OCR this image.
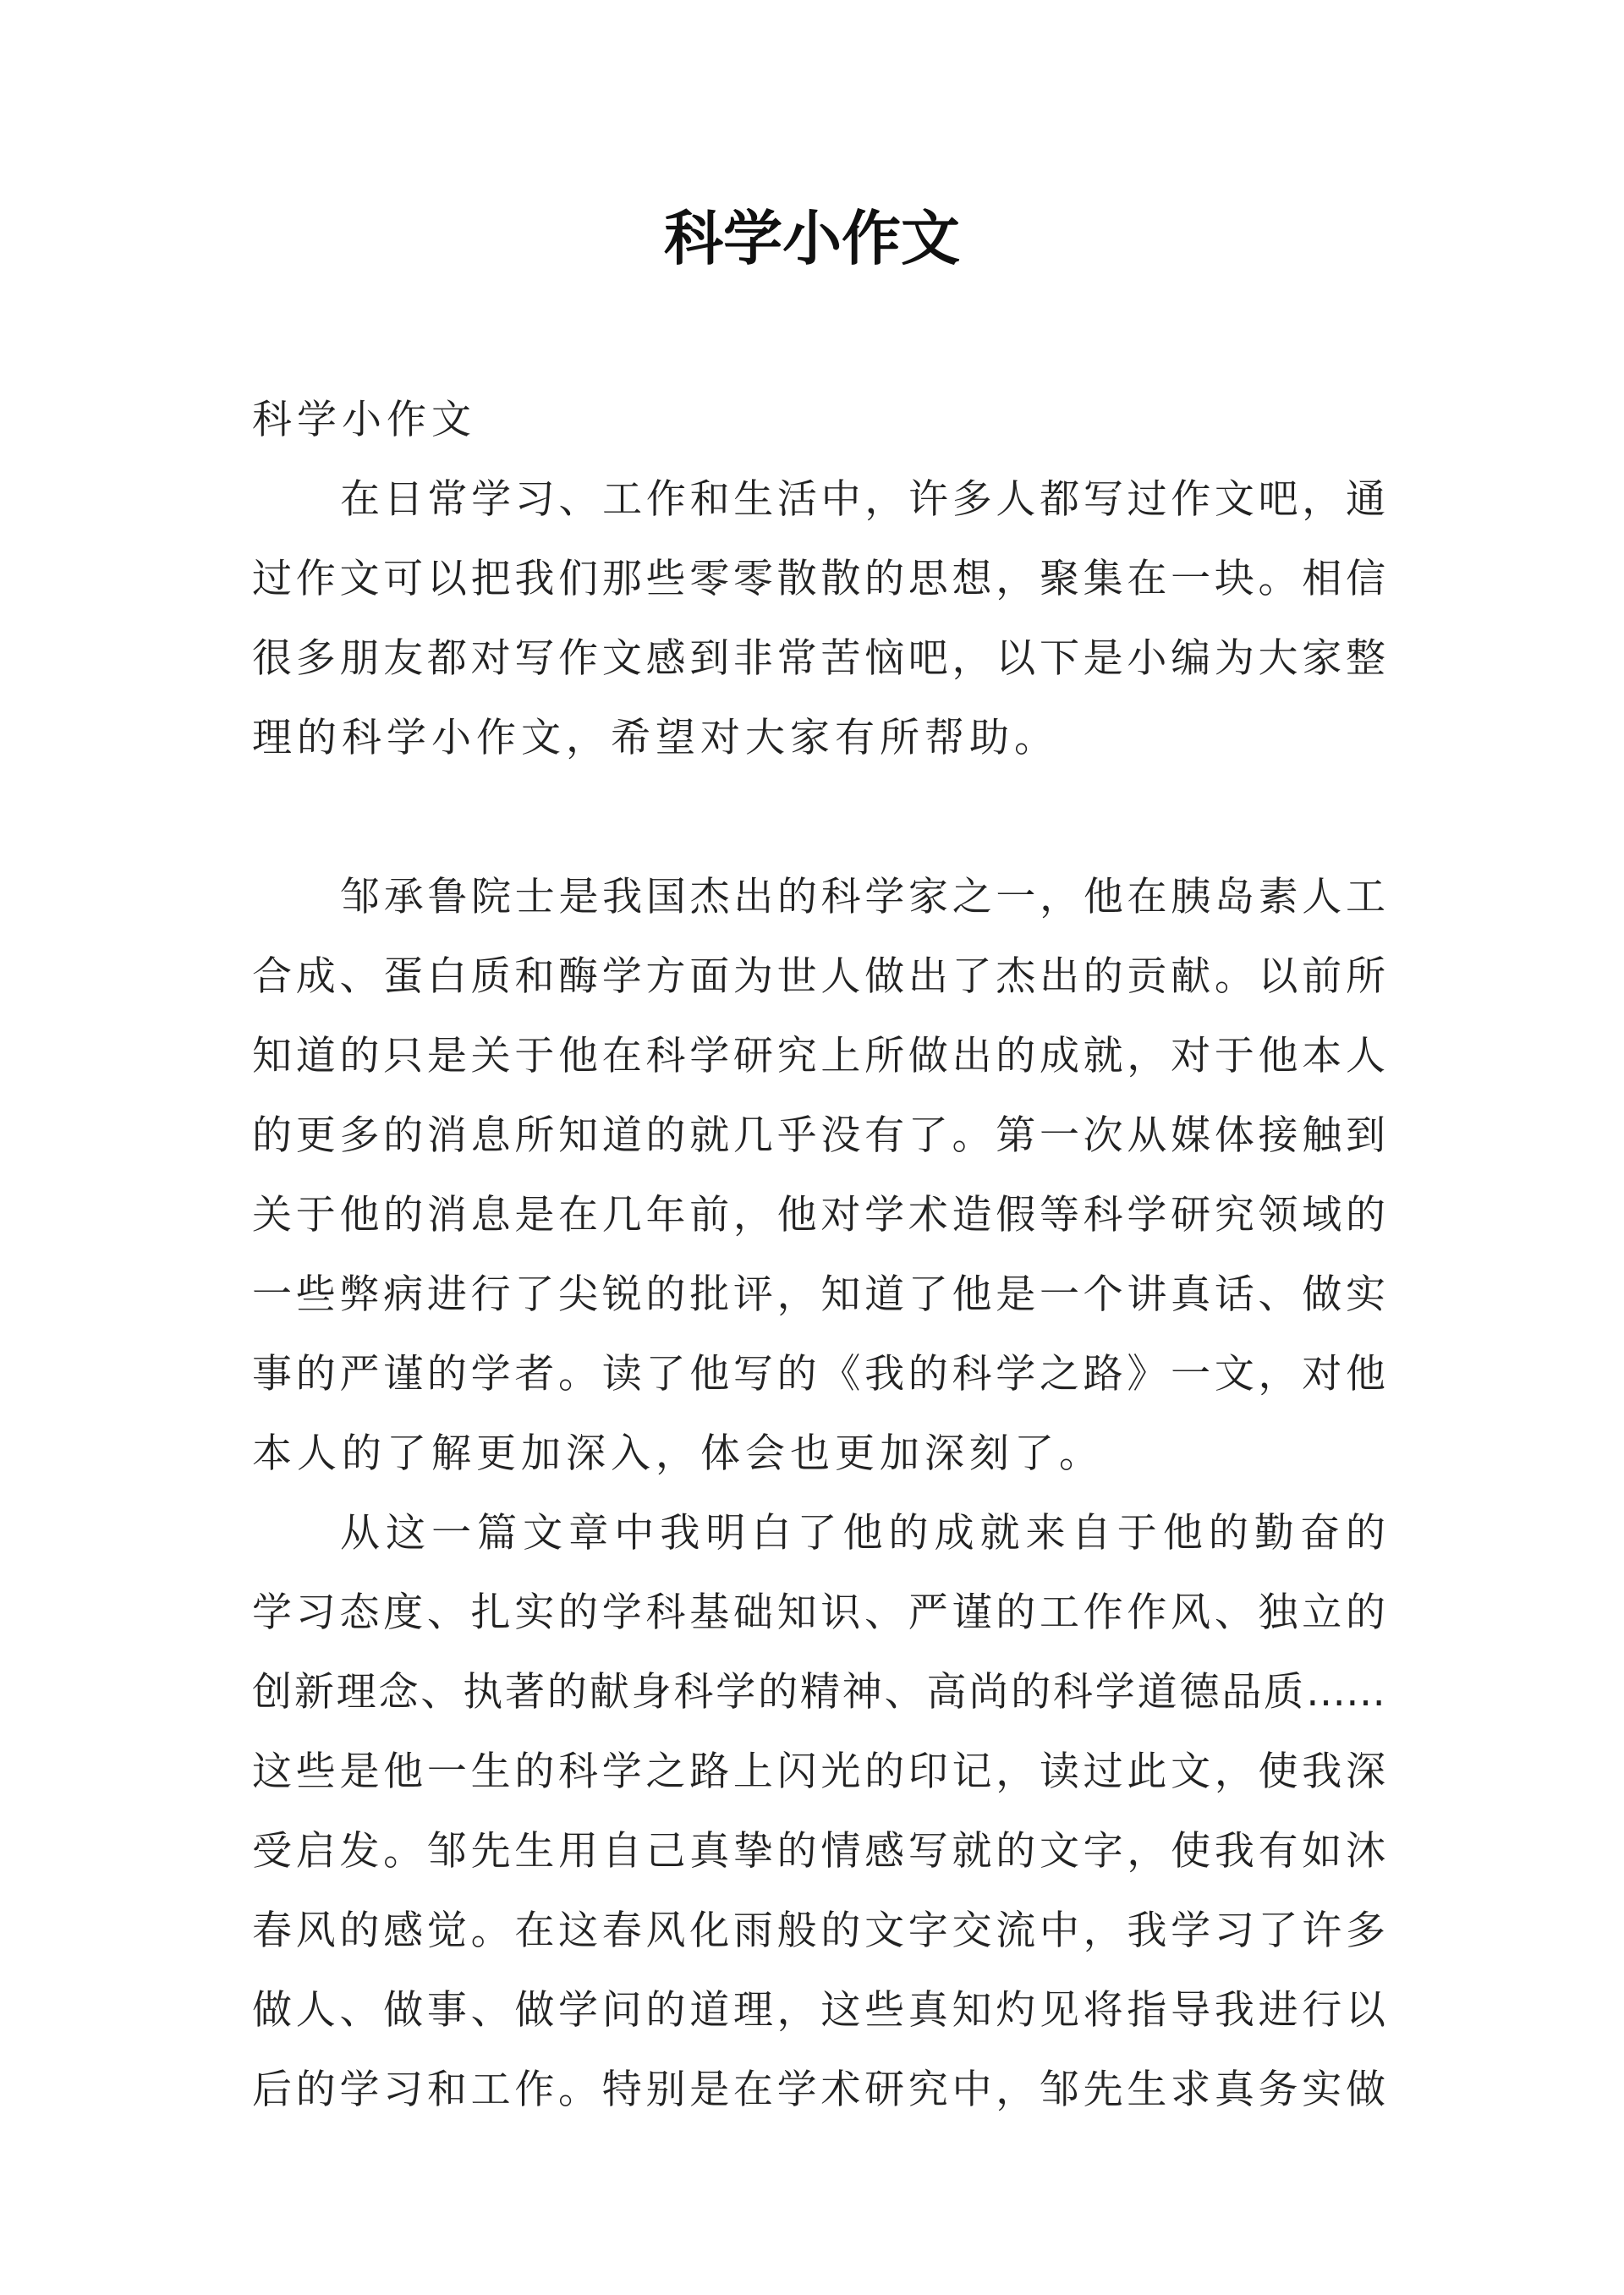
科学小作文
科学小作文
在日常学习、工作和生活中，许多人都写过作文吧，通
过作文可以把我们那些零零散散的思想，聚集在一块。相信
很多朋友都对写作文感到非常苦恼吧，以下是小编为大家整
理的科学小作文，希望对大家有所帮助。
邹承鲁院士是我国杰出的科学家之一，他在胰岛素人工
合成、蛋白质和酶学方面为世人做出了杰出的贡献。以前所
知道的只是关于他在科学研究上所做出的成就，对于他本人
的更多的消息所知道的就几乎没有了。第一次从媒体接触到
关于他的消息是在几年前，他对学术造假等科学研究领域的
一些弊病进行了尖锐的批评，知道了他是一个讲真话、做实
事的严谨的学者。读了他写的《我的科学之路》一文，对他
本人的了解更加深入，体会也更加深刻了。
从这一篇文章中我明白了他的成就来自于他的勤奋的
学习态度、扎实的学科基础知识、严谨的工作作风、独立的
创新理念、执著的献身科学的精神、高尚的科学道德品质……
这些是他一生的科学之路上闪光的印记，读过此文，使我深
受启发。邹先生用自己真挚的情感写就的文字，使我有如沐
春风的感觉。在这春风化雨般的文字交流中，我学习了许多
做人、做事、做学问的道理，这些真知灼见将指导我进行以
后的学习和工作。特别是在学术研究中，邹先生求真务实做
